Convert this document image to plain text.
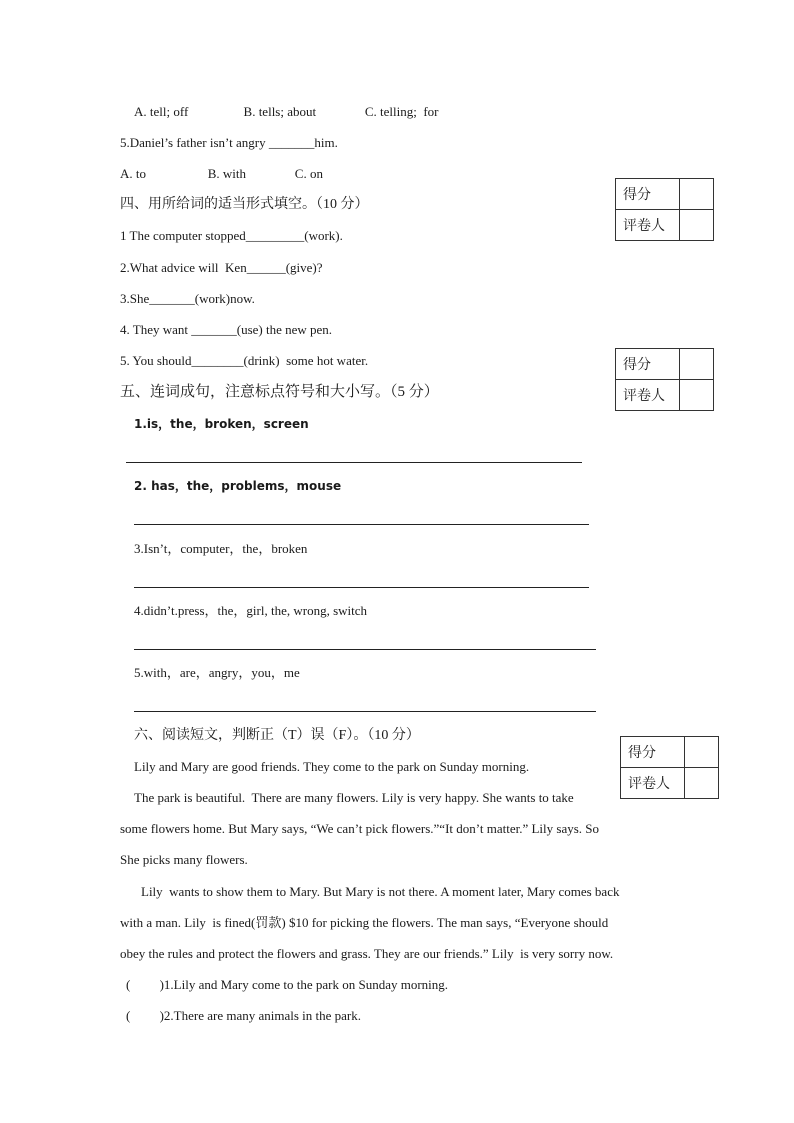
A. tell; off                 B. tells; about               C. telling;  for
5.Daniel’s father isn’t angry _______him.
A. to                   B. with               C. on
四、用所给词的适当形式填空。（10 分）
1 The computer stopped_________(work).
2.What advice will  Ken______(give)?
3.She_______(work)now.
4. They want _______(use) the new pen.
5. You should________(drink)  some hot water.
得分	
评卷人	
得分	
评卷人	
五、连词成句，注意标点符号和大小写。（5 分）
1.is，the，broken，screen
2. has，the，problems，mouse
3.Isn’t，computer，the，broken
4.didn’t.press，the，girl, the, wrong, switch
5.with，are，angry，you，me
六、阅读短文，判断正（T）误（F）。（10 分）
得分	
评卷人	
Lily and Mary are good friends. They come to the park on Sunday morning.
The park is beautiful.  There are many flowers. Lily is very happy. She wants to take
some flowers home. But Mary says, “We can’t pick flowers.”“It don’t matter.” Lily says. So
She picks many flowers.
Lily  wants to show them to Mary. But Mary is not there. A moment later, Mary comes back
with a man. Lily  is fined(罚款) $10 for picking the flowers. The man says, “Everyone should
obey the rules and protect the flowers and grass. They are our friends.” Lily  is very sorry now.
(         )1.Lily and Mary come to the park on Sunday morning.
(         )2.There are many animals in the park.
